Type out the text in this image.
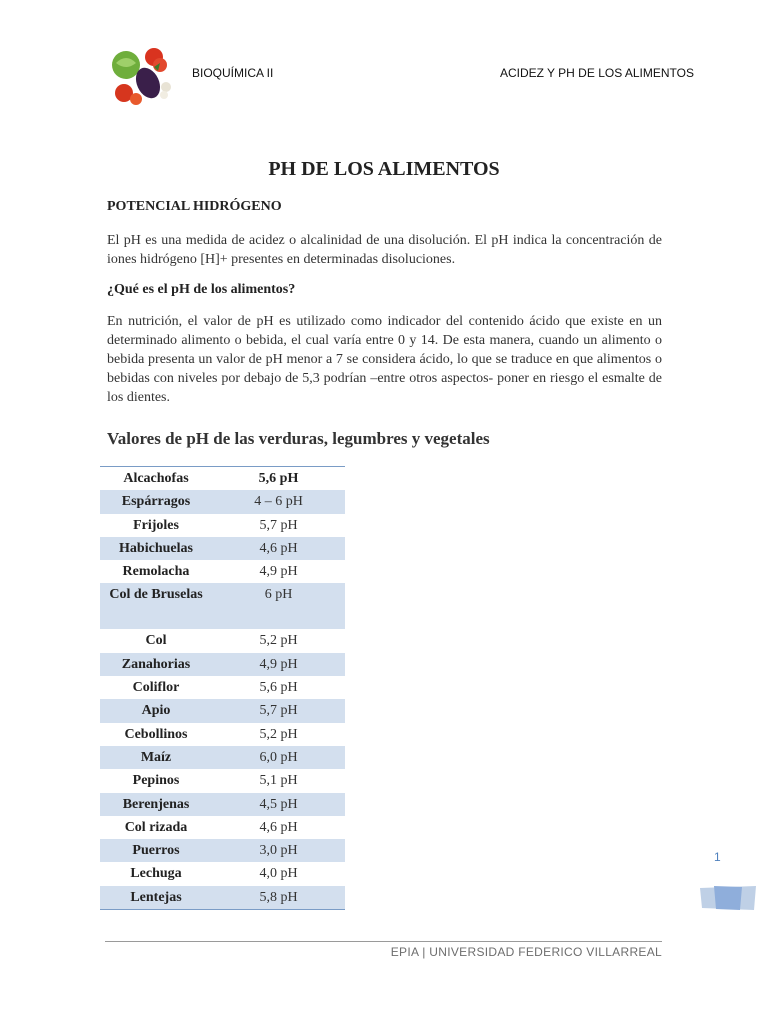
BIOQUÍMICA II	ACIDEZ Y PH DE LOS ALIMENTOS
PH DE LOS ALIMENTOS
POTENCIAL HIDRÓGENO
El pH es una medida de acidez o alcalinidad de una disolución. El pH indica la concentración de iones hidrógeno [H]+ presentes en determinadas disoluciones.
¿Qué es el pH de los alimentos?
En nutrición, el valor de pH es utilizado como indicador del contenido ácido que existe en un determinado alimento o bebida, el cual varía entre 0 y 14. De esta manera, cuando un alimento o bebida presenta un valor de pH menor a 7 se considera ácido, lo que se traduce en que alimentos o bebidas con niveles por debajo de 5,3 podrían –entre otros aspectos- poner en riesgo el esmalte de los dientes.
Valores de pH de las verduras, legumbres y vegetales
Alcachofas	5,6 pH
Espárragos	4 – 6 pH
Frijoles	5,7 pH
Habichuelas	4,6 pH
Remolacha	4,9 pH
Col de Bruselas	6 pH
Col	5,2 pH
Zanahorias	4,9 pH
Coliflor	5,6 pH
Apio	5,7 pH
Cebollinos	5,2 pH
Maíz	6,0 pH
Pepinos	5,1 pH
Berenjenas	4,5 pH
Col rizada	4,6 pH
Puerros	3,0 pH
Lechuga	4,0 pH
Lentejas	5,8 pH
1
EPIA | UNIVERSIDAD FEDERICO VILLARREAL
